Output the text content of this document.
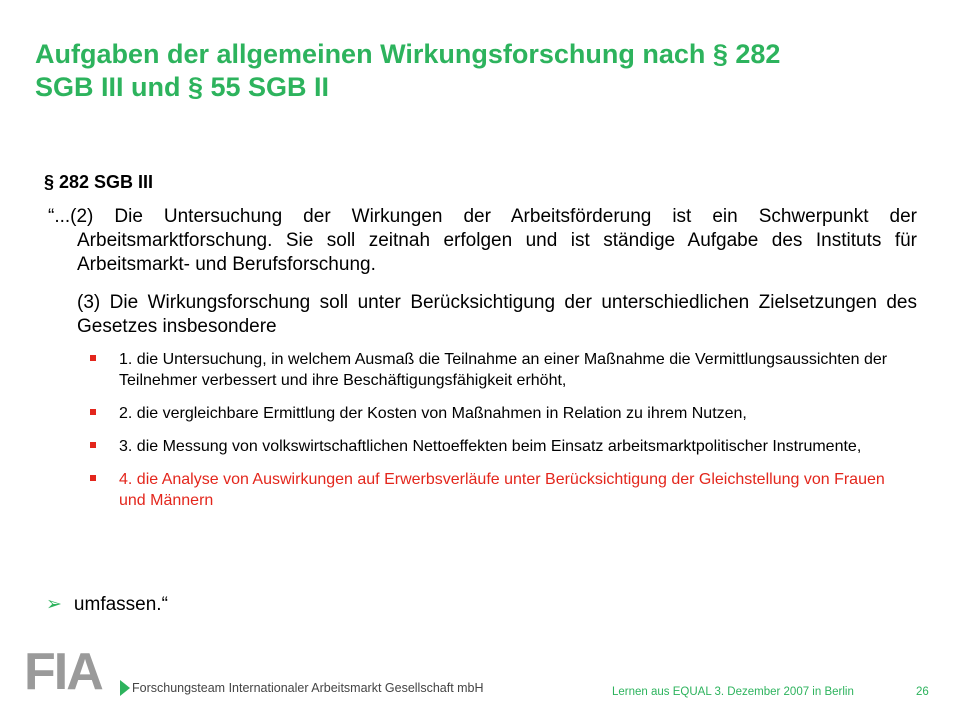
Aufgaben der allgemeinen Wirkungsforschung nach § 282
SGB III und § 55 SGB II
§ 282 SGB III
“...(2) Die Untersuchung der Wirkungen der Arbeitsförderung ist ein Schwerpunkt der Arbeitsmarktforschung. Sie soll zeitnah erfolgen und ist ständige Aufgabe des Instituts für Arbeitsmarkt- und Berufsforschung.
(3) Die Wirkungsforschung soll unter Berücksichtigung der unterschiedlichen Zielsetzungen des Gesetzes insbesondere
1. die Untersuchung, in welchem Ausmaß die Teilnahme an einer Maßnahme die Vermittlungsaussichten der Teilnehmer verbessert und ihre Beschäftigungsfähigkeit erhöht,
2. die vergleichbare Ermittlung der Kosten von Maßnahmen in Relation zu ihrem Nutzen,
3. die Messung von volkswirtschaftlichen Nettoeffekten beim Einsatz arbeitsmarktpolitischer Instrumente,
4. die Analyse von Auswirkungen auf Erwerbsverläufe unter Berücksichtigung der Gleichstellung von Frauen und Männern
➢ umfassen.“
FIA Forschungsteam Internationaler Arbeitsmarkt Gesellschaft mbH	Lernen aus EQUAL 3. Dezember 2007 in Berlin	26
